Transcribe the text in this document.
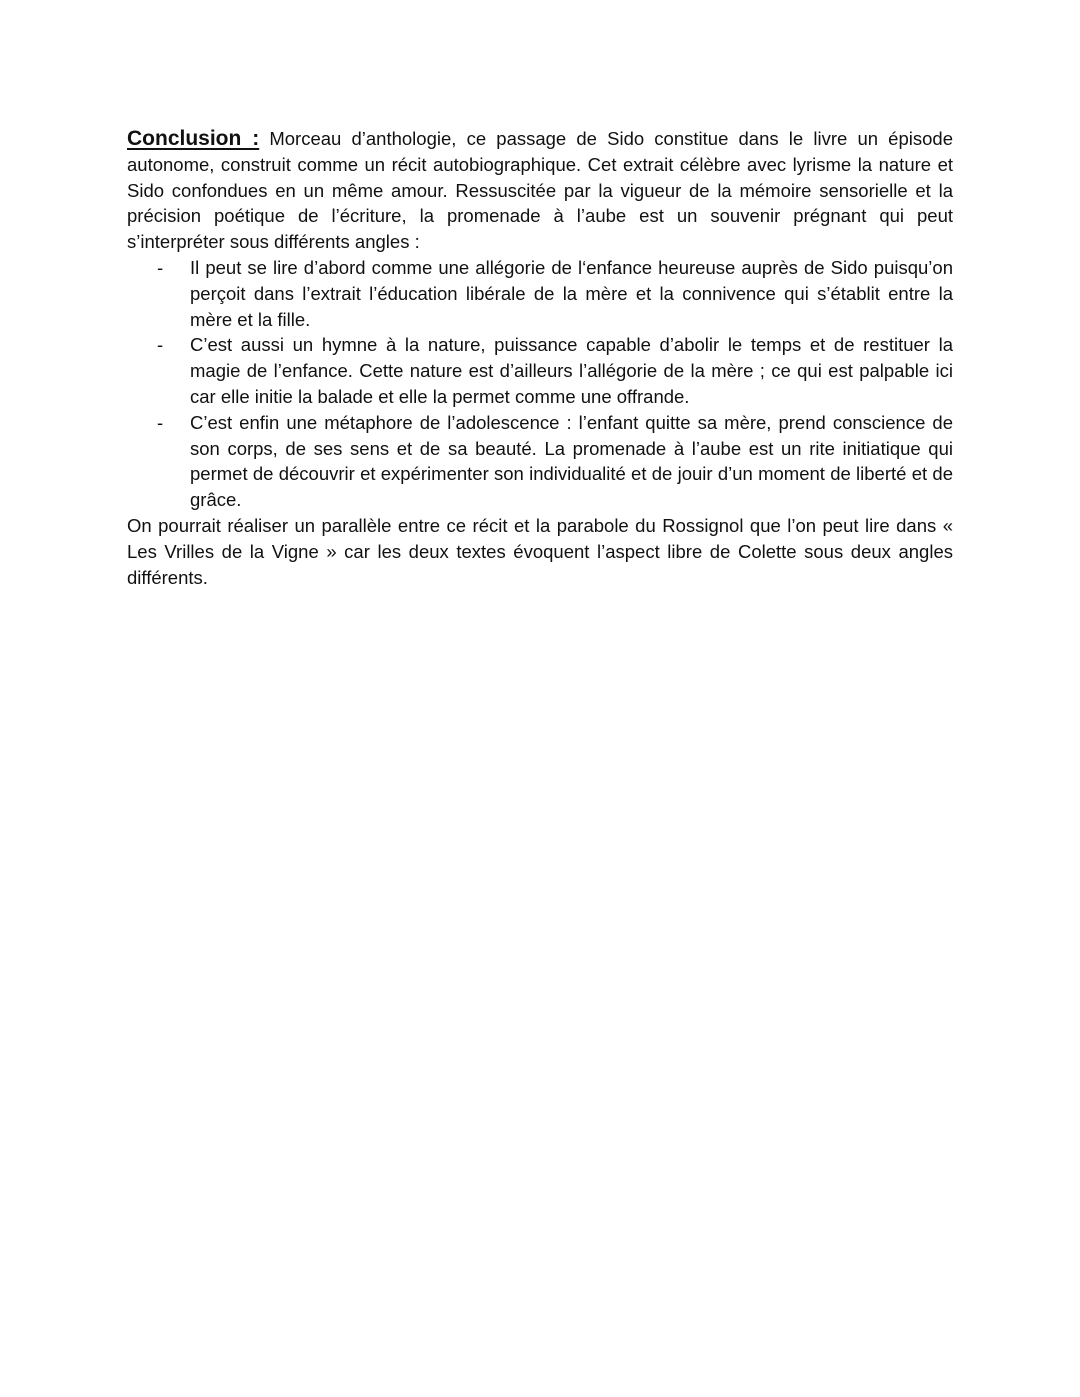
Conclusion : Morceau d’anthologie, ce passage de Sido constitue dans le livre un épisode autonome, construit comme un récit autobiographique. Cet extrait célèbre avec lyrisme la nature et Sido confondues en un même amour. Ressuscitée par la vigueur de la mémoire sensorielle et la précision poétique de l’écriture, la promenade à l’aube est un souvenir prégnant qui peut s’interpréter sous différents angles :

- Il peut se lire d’abord comme une allégorie de l‘enfance heureuse auprès de Sido puisqu’on perçoit dans l’extrait l’éducation libérale de la mère et la connivence qui s’établit entre la mère et la fille.
- C’est aussi un hymne à la nature, puissance capable d’abolir le temps et de restituer la magie de l’enfance. Cette nature est d’ailleurs l’allégorie de la mère ; ce qui est palpable ici car elle initie la balade et elle la permet comme une offrande.
- C’est enfin une métaphore de l’adolescence : l’enfant quitte sa mère, prend conscience de son corps, de ses sens et de sa beauté. La promenade à l’aube est un rite initiatique qui permet de découvrir et expérimenter son individualité et de jouir d’un moment de liberté et de grâce.

On pourrait réaliser un parallèle entre ce récit et la parabole du Rossignol que l’on peut lire dans « Les Vrilles de la Vigne » car les deux textes évoquent l’aspect libre de Colette sous deux angles différents.
